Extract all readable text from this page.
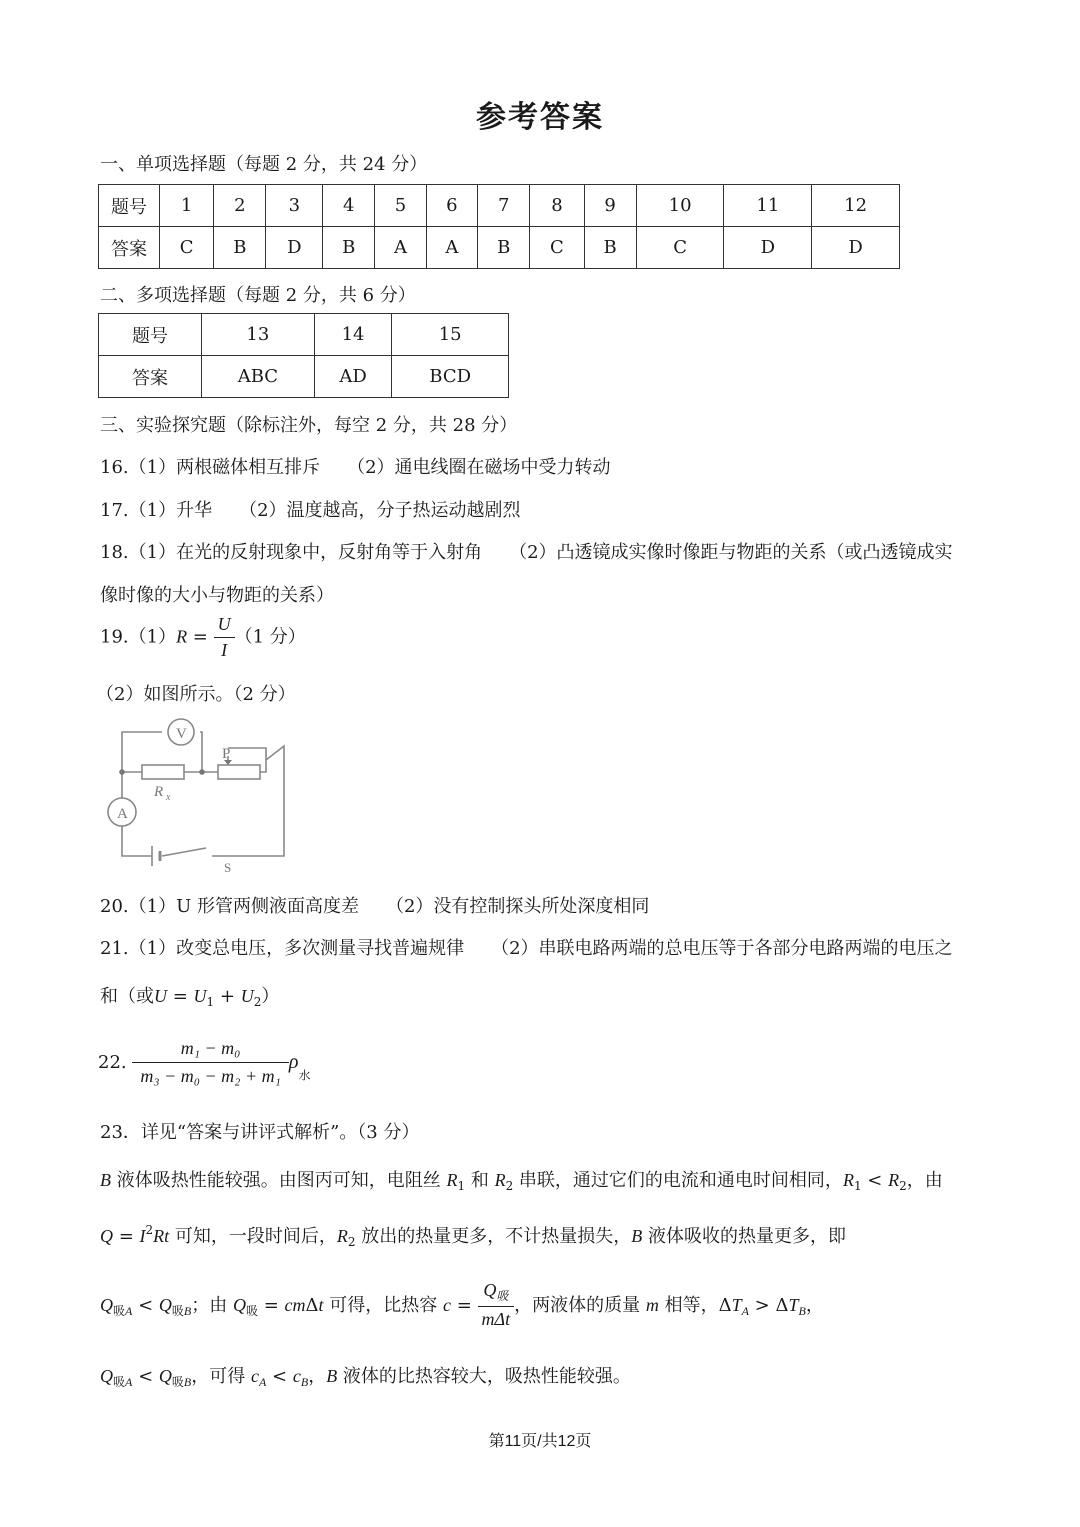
参考答案
一、单项选择题（每题 2 分，共 24 分）
题号	1	2	3	4	5	6	7	8	9	10	11	12
答案	C	B	D	B	A	A	B	C	B	C	D	D
二、多项选择题（每题 2 分，共 6 分）
题号	13	14	15
答案	ABC	AD	BCD
三、实验探究题（除标注外，每空 2 分，共 28 分）
16.（1）两根磁体相互排斥　　（2）通电线圈在磁场中受力转动
17.（1）升华　　（2）温度越高，分子热运动越剧烈
18.（1）在光的反射现象中，反射角等于入射角　　（2）凸透镜成实像时像距与物距的关系（或凸透镜成实
像时像的大小与物距的关系）
$19.(1)R = \frac{U}{I} (1$ 分）
（2）如图所示。（2 分）
V
A
P
R x
S
20.（1）U 形管两侧液面高度差　　（2）没有控制探头所处深度相同
21.（1）改变总电压，多次测量寻找普遍规律　　（2）串联电路两端的总电压等于各部分电路两端的电压之
和（或$U = U_1 + U_2$）
22. $\frac{\text{m₁ − m₀}}{\text{m₃ − m₀ − m₂ + m₁}} \rho_水$
23．详见“答案与讲评式解析”。（3 分）
B 液体吸热性能较强。由图丙可知，电阻丝 $R_1$ 和 $R_2$ 串联，通过它们的电流和通电时间相同，$R_1 < R_2$，由
$Q = I^2Rt$ 可知，一段时间后，$R_2$ 放出的热量更多，不计热量损失，B 液体吸收的热量更多，即
$Q_{吸A} < Q_{吸B}$；由 $Q_吸 = cm\Delta t$ 可得，比热容 $c = \frac{Q_吸}{\text{mΔt}}$ ，两液体的质量 m 相等，$\Delta T_A > \Delta T_B$，
$Q_{吸A} < Q_{吸B}$，可得 $c_A < c_B$，B 液体的比热容较大，吸热性能较强。
第11页/共12页
